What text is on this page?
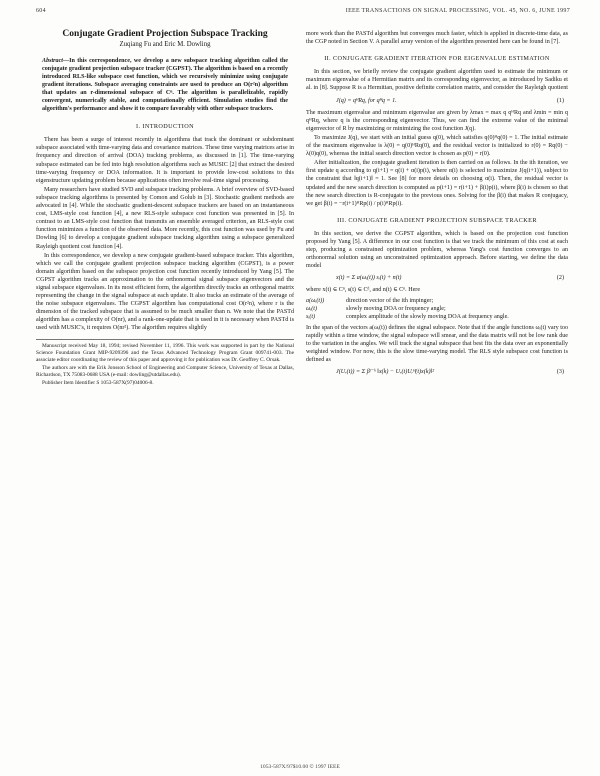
604	IEEE TRANSACTIONS ON SIGNAL PROCESSING, VOL. 45, NO. 6, JUNE 1997
Conjugate Gradient Projection Subspace Tracking
Zuqiang Fu and Eric M. Dowling
Abstract—In this correspondence, we develop a new subspace tracking algorithm called the conjugate gradient projection subspace tracker (CGPST). The algorithm is based on a recently introduced RLS-like subspace cost function, which we recursively minimize using conjugate gradient iterations. Subspace averaging constraints are used to produce an O(r²n) algorithm that updates an r-dimensional subspace of Cⁿ. The algorithm is parallelizable, rapidly convergent, numerically stable, and computationally efficient. Simulation studies find the algorithm's performance and show it to compare favorably with other subspace trackers.
I. INTRODUCTION

There has been a surge of interest recently in algorithms that track the dominant or subdominant subspace associated with time-varying data and covariance matrices. These time varying matrices arise in frequency and direction of arrival (DOA) tracking problems, as discussed in [1]. The time-varying subspace estimated can be fed into high resolution algorithms such as MUSIC [2] that extract the desired time-varying frequency or DOA information. It is important to provide low-cost solutions to this eigenstructure updating problem because applications often involve real-time signal processing.

Many researchers have studied SVD and subspace tracking problems. A brief overview of SVD-based subspace tracking algorithms is presented by Comon and Golub in [3]. Stochastic gradient methods are advocated in [4]. While the stochastic gradient-descent subspace trackers are based on an instantaneous cost, LMS-style cost function [4], a new RLS-style subspace cost function was presented in [5]. In contrast to an LMS-style cost function that transmits an ensemble averaged criterion, an RLS-style cost function minimizes a function of the observed data. More recently, this cost function was used by Fu and Dowling [6] to develop a conjugate gradient subspace tracking algorithm using a subspace generalized Rayleigh quotient cost function [4].

In this correspondence, we develop a new conjugate gradient-based subspace tracker. This algorithm, which we call the conjugate gradient projection subspace tracking algorithm (CGPST), is a power domain algorithm based on the subspace projection cost function recently introduced by Yang [5]. The CGPST algorithm tracks an approximation to the orthonormal signal subspace eigenvectors and the signal subspace eigenvalues. In its most efficient form, the algorithm directly tracks an orthogonal matrix representing the change in the signal subspace at each update. It also tracks an estimate of the average of the noise subspace eigenvalues. The CGPST algorithm has computational cost O(r²n), where r is the dimension of the tracked subspace that is assumed to be much smaller than n. We note that the PASTd algorithm has a complexity of O(nr), and a rank-one-update that is used in it is necessary when PASTd is used with MUSIC's, it requires O(nr²). The algorithm requires slightly

Manuscript received May 18, 1994; revised November 11, 1996. This work was supported in part by the National Science Foundation Grant MIP-9209396 and the Texas Advanced Technology Program Grant 009741-003. The associate editor coordinating the review of this paper and approving it for publication was Dr. Geoffrey C. Orsak.

The authors are with the Erik Jonsson School of Engineering and Computer Science, University of Texas at Dallas, Richardson, TX 75083-0688 USA (e-mail: dowling@utdallas.edu).

Publisher Item Identifier S 1053-587X(97)04006-8.

more work than the PASTd algorithm but converges much faster, which is applied in discrete-time data, as the CGP noted in Section V. A parallel array version of the algorithm presented here can be found in [7].

II. CONJUGATE GRADIENT ITERATION FOR EIGENVALUE ESTIMATION

In this section, we briefly review the conjugate gradient algorithm used to estimate the minimum or maximum eigenvalue of a Hermitian matrix and its corresponding eigenvector, as introduced by Sadiku et al. in [8]. Suppose R is a Hermitian, positive definite correlation matrix, and consider the Rayleigh quotient

J(q) = qᴴRq, for qᴴq = 1.	(1)

The maximum eigenvalue and minimum eigenvalue are given by λmax = max q qᴴRq and λmin = min q qᴴRq, where q is the corresponding eigenvector. Thus, we can find the extreme value of the minimal eigenvector of R by maximizing or minimizing the cost function J(q).

To maximize J(q), we start with an initial guess q(0), which satisfies q(0)ᴴq(0) = 1. The initial estimate of the maximum eigenvalue is λ(0) = q(0)ᴴRq(0), and the residual vector is initialized to r(0) = Rq(0) − λ(0)q(0), whereas the initial search direction vector is chosen as p(0) = r(0).

After initialization, the conjugate gradient iteration is then carried on as follows. In the ith iteration, we first update q according to q(i+1) = q(i) + α(i)p(i), where α(i) is selected to maximize J(q(i+1)), subject to the constraint that ‖q(i+1)‖ = 1. See [8] for more details on choosing α(i). Then, the residual vector is updated and the new search direction is computed as p(i+1) = r(i+1) + β(i)p(i), where β(i) is chosen so that the new search direction is R-conjugate to the previous ones. Solving for the β(i) that makes R conjugacy, we get β(i) = −r(i+1)ᴴRp(i) / p(i)ᴴRp(i).

III. CONJUGATE GRADIENT PROJECTION SUBSPACE TRACKER

In this section, we derive the CGPST algorithm, which is based on the projection cost function proposed by Yang [5]. A difference in our cost function is that we track the minimum of this cost at each step, producing a constrained optimization problem, whereas Yang's cost function converges to an orthonormal solution using an unconstrained optimization approach. Before starting, we define the data model

x(t) = Σ a(ωᵢ(t)) sᵢ(t) + n(t)	(2)

where x(t) ∈ Cⁿ, s(t) ∈ Cᵈ, and n(t) ∈ Cⁿ. Here

a(ωᵢ(t))	direction vector of the ith impinger;
ωᵢ(t)	slowly moving DOA or frequency angle;
sᵢ(t)	complex amplitude of the slowly moving DOA at frequency angle.

In the span of the vectors a(ωᵢ(t)) defines the signal subspace. Note that if the angle functions ωᵢ(t) vary too rapidly within a time window, the signal subspace will smear, and the data matrix will not be low rank due to the variation in the angles. We will track the signal subspace that best fits the data over an exponentially weighted window. For now, this is the slow time-varying model. The RLS style subspace cost function is defined as

J(Uᵣ(t)) = Σ βᵗ⁻ᵏ ‖x(k) − Uᵣ(t)Uᵣᴴ(t)x(k)‖²	(3)
1053-587X/97$10.00 © 1997 IEEE
